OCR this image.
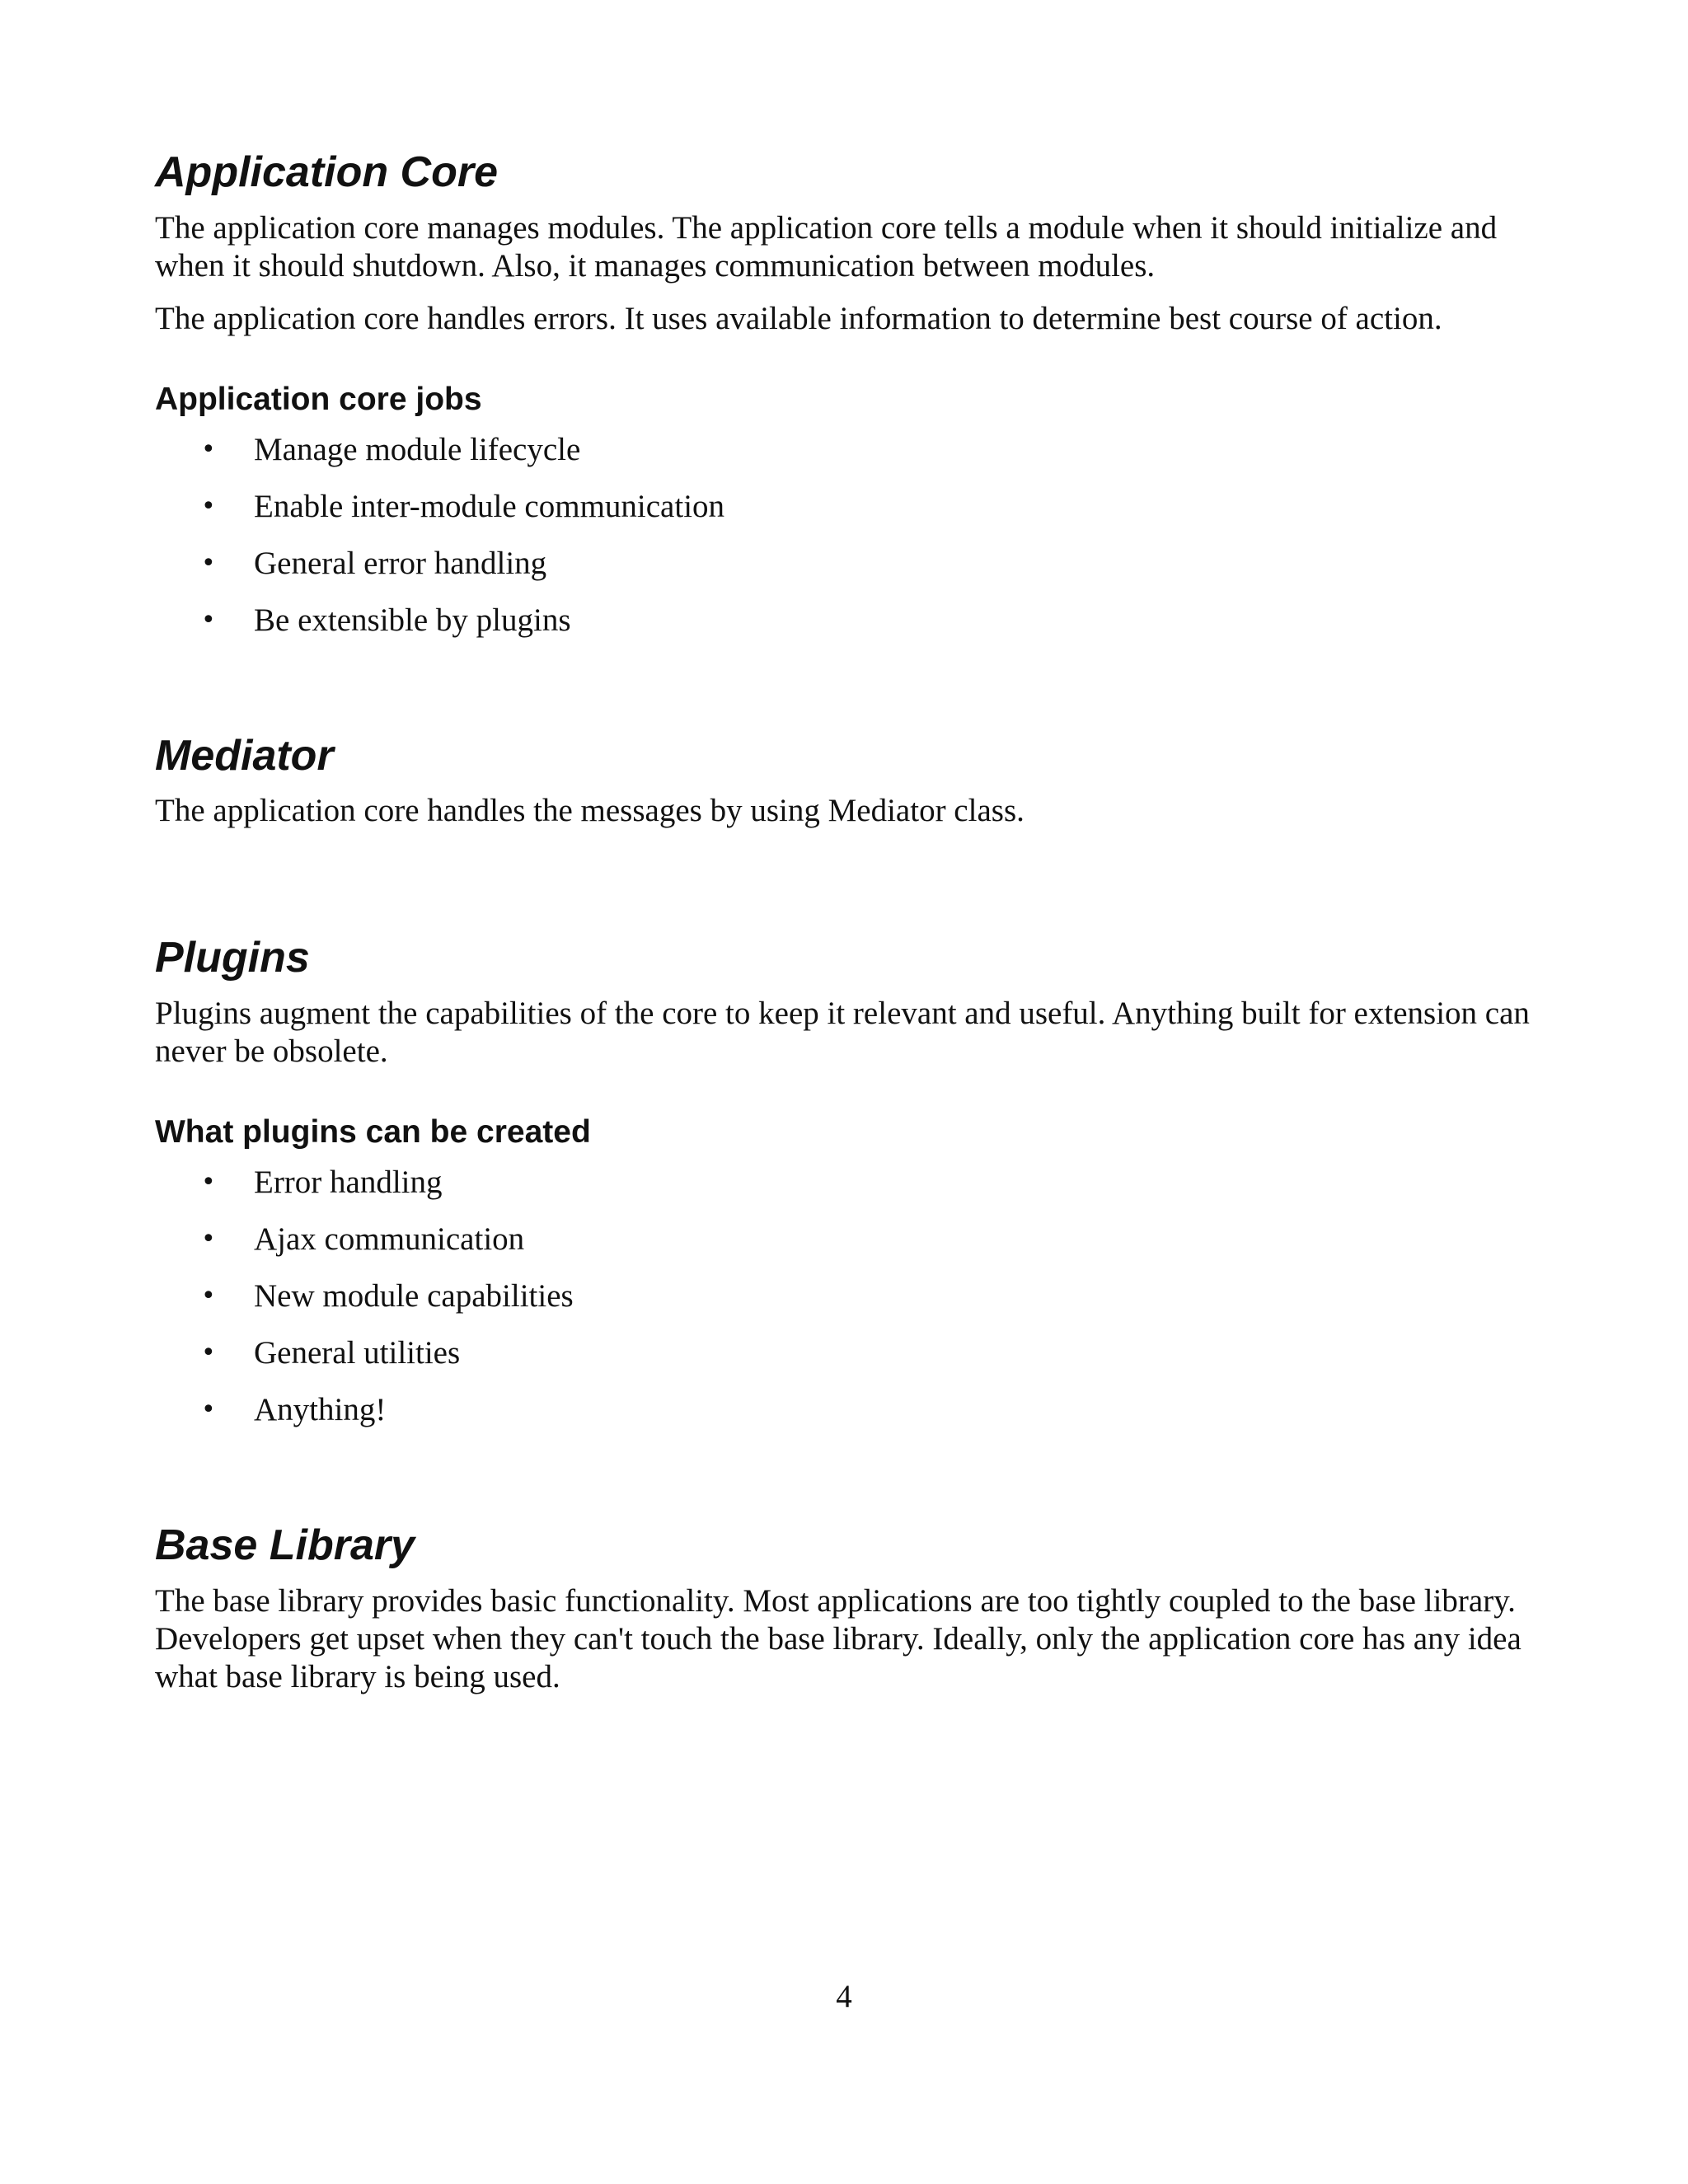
Application Core

The application core manages modules. The application core tells a module when it should initialize and when it should shutdown. Also, it manages communication between modules.

The application core handles errors. It uses available information to determine best course of action.

Application core jobs
• Manage module lifecycle
• Enable inter-module communication
• General error handling
• Be extensible by plugins
Mediator

The application core handles the messages by using Mediator class.

Plugins

Plugins augment the capabilities of the core to keep it relevant and useful. Anything built for extension can never be obsolete.

What plugins can be created
• Error handling
• Ajax communication
• New module capabilities
• General utilities
• Anything!
Base Library

The base library provides basic functionality. Most applications are too tightly coupled to the base library. Developers get upset when they can't touch the base library. Ideally, only the application core has any idea what base library is being used.

4
